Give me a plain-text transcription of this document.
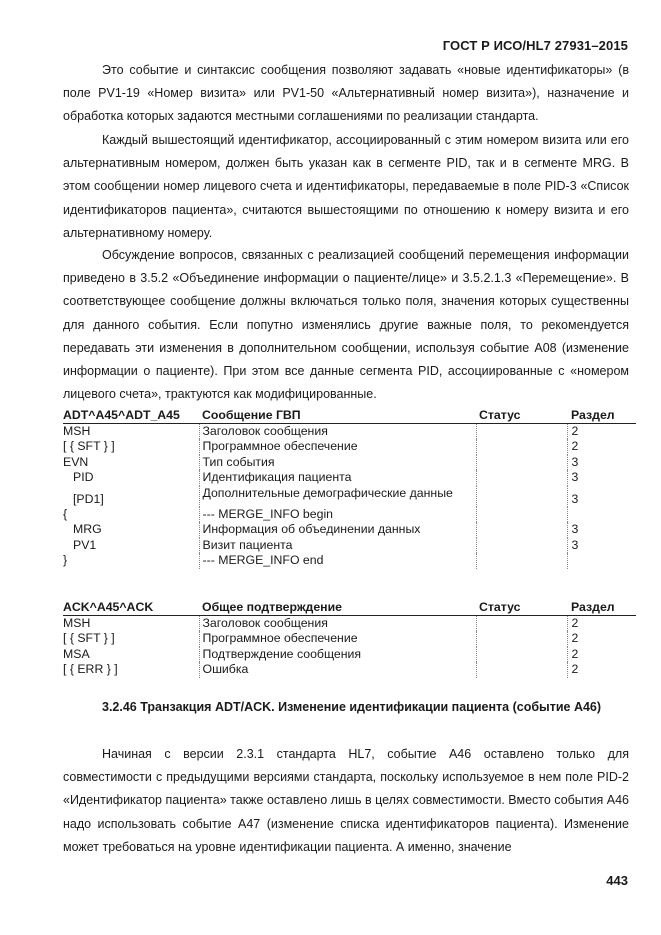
ГОСТ Р ИСО/HL7 27931–2015

Это событие и синтаксис сообщения позволяют задавать «новые идентификаторы» (в поле PV1-19 «Номер визита» или PV1-50 «Альтернативный номер визита»), назначение и обработка которых задаются местными соглашениями по реализации стандарта.

Каждый вышестоящий идентификатор, ассоциированный с этим номером визита или его альтернативным номером, должен быть указан как в сегменте PID, так и в сегменте MRG. В этом сообщении номер лицевого счета и идентификаторы, передаваемые в поле PID-3 «Список идентификаторов пациента», считаются вышестоящими по отношению к номеру визита и его альтернативному номеру.

Обсуждение вопросов, связанных с реализацией сообщений перемещения информации приведено в 3.5.2 «Объединение информации о пациенте/лице» и 3.5.2.1.3 «Перемещение». В соответствующее сообщение должны включаться только поля, значения которых существенны для данного события. Если попутно изменялись другие важные поля, то рекомендуется передавать эти изменения в дополнительном сообщении, используя событие A08 (изменение информации о пациенте). При этом все данные сегмента PID, ассоциированные с «номером лицевого счета», трактуются как модифицированные.

ADT^A45^ADT_A45	Сообщение ГВП	Статус	Раздел
MSH	Заголовок сообщения		2
[ { SFT } ]	Программное обеспечение		2
EVN	Тип события		3
PID	Идентификация пациента		3
[PD1]	Дополнительные демографические данные		3
{	--- MERGE_INFO begin		
MRG	Информация об объединении данных		3
PV1	Визит пациента		3
}	--- MERGE_INFO end		
ACK^A45^ACK	Общее подтверждение	Статус	Раздел
MSH	Заголовок сообщения		2
[ { SFT } ]	Программное обеспечение		2
MSA	Подтверждение сообщения		2
[ { ERR } ]	Ошибка		2

3.2.46 Транзакция ADT/ACK. Изменение идентификации пациента (событие A46)

Начиная с версии 2.3.1 стандарта HL7, событие A46 оставлено только для совместимости с предыдущими версиями стандарта, поскольку используемое в нем поле PID-2 «Идентификатор пациента» также оставлено лишь в целях совместимости. Вместо события A46 надо использовать событие A47 (изменение списка идентификаторов пациента). Изменение может требоваться на уровне идентификации пациента. А именно, значение

443
